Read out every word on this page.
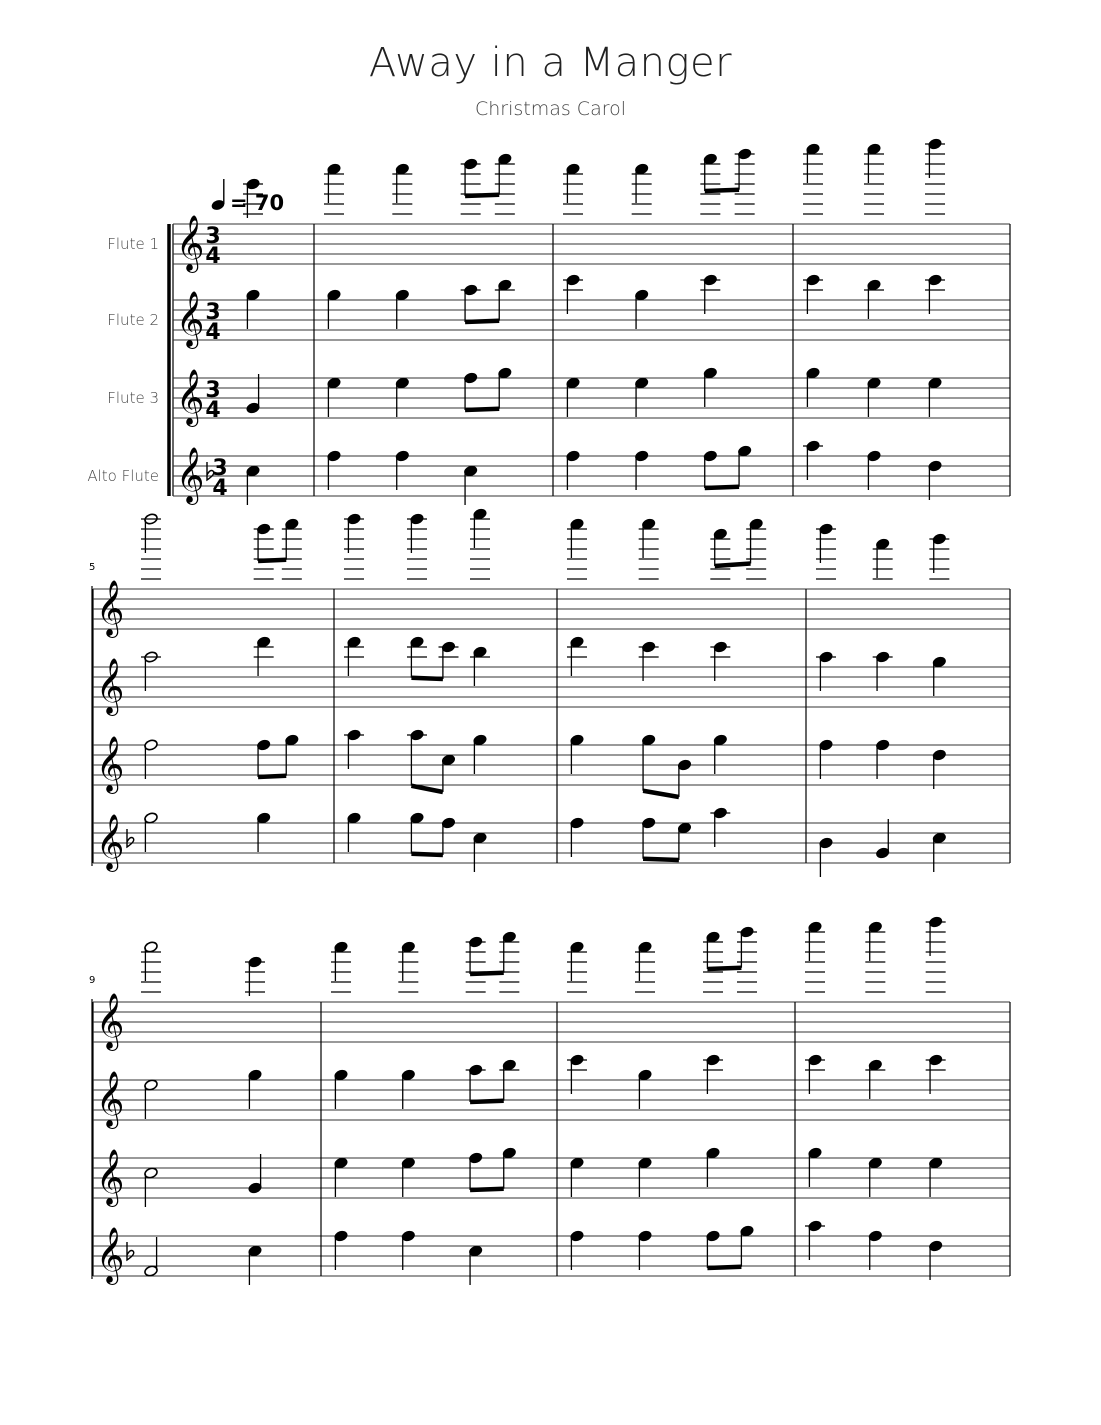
Away in a Manger
Christmas Carol
= 70
Flute 1 𝄞 3
4
Flute 2 𝄞 3
4
Flute 3 𝄞 3
4
Alto Flute 𝄞 3
4
5
𝄞
𝄞
𝄞
𝄞
9
𝄞
𝄞
𝄞
𝄞
